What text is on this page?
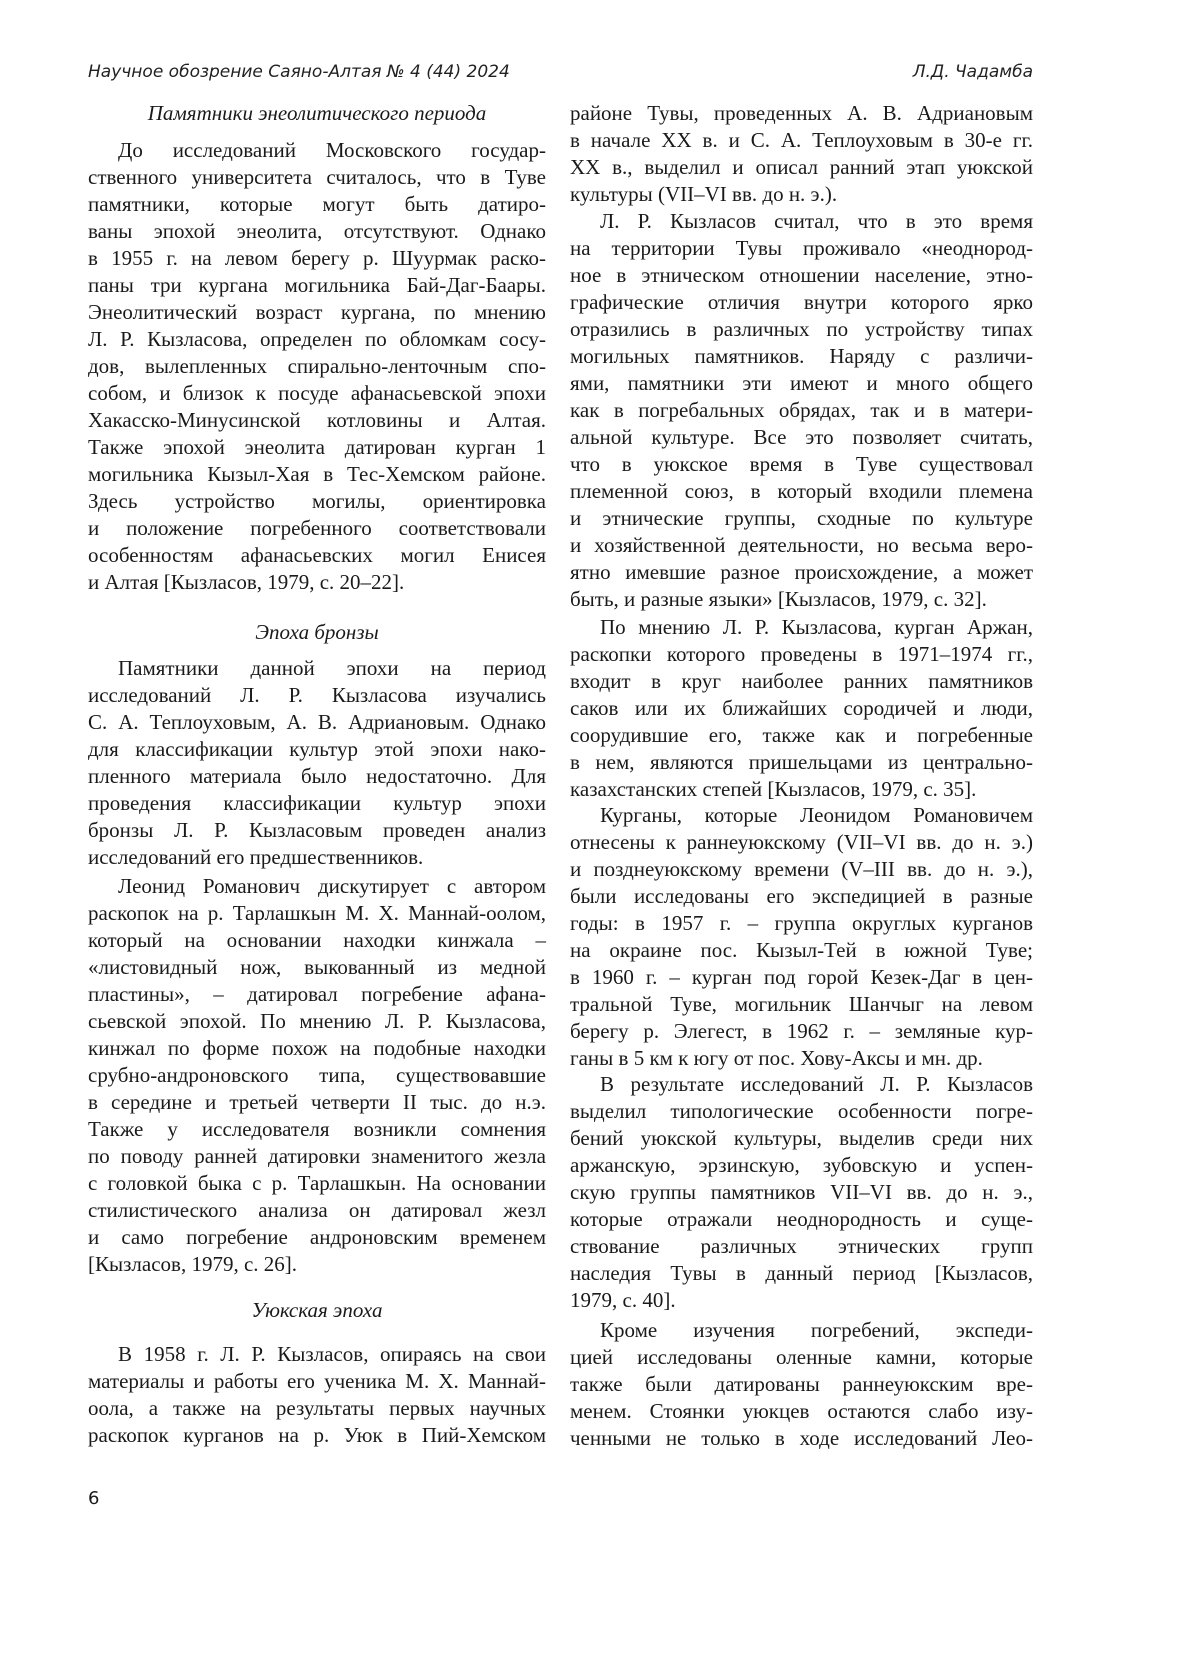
Научное обозрение Саяно-Алтая № 4 (44) 2024	Л.Д. Чадамба
Памятники энеолитического периода
До исследований Московского государ-
ственного университета считалось, что в Туве
памятники, которые могут быть датиро-
ваны эпохой энеолита, отсутствуют. Однако
в 1955 г. на левом берегу р. Шуурмак раско-
паны три кургана могильника Бай-Даг-Баары.
Энеолитический возраст кургана, по мнению
Л. Р. Кызласова, определен по обломкам сосу-
дов, вылепленных спирально-ленточным спо-
собом, и близок к посуде афанасьевской эпохи
Хакасско-Минусинской котловины и Алтая.
Также эпохой энеолита датирован курган 1
могильника Кызыл-Хая в Тес-Хемском районе.
Здесь устройство могилы, ориентировка
и положение погребенного соответствовали
особенностям афанасьевских могил Енисея
и Алтая [Кызласов, 1979, с. 20–22].
Эпоха бронзы
Памятники данной эпохи на период
исследований Л. Р. Кызласова изучались
С. А. Теплоуховым, А. В. Адриановым. Однако
для классификации культур этой эпохи нако-
пленного материала было недостаточно. Для
проведения классификации культур эпохи
бронзы Л. Р. Кызласовым проведен анализ
исследований его предшественников.
Леонид Романович дискутирует с автором
раскопок на р. Тарлашкын М. Х. Маннай-оолом,
который на основании находки кинжала –
«листовидный нож, выкованный из медной
пластины», – датировал погребение афана-
сьевской эпохой. По мнению Л. Р. Кызласова,
кинжал по форме похож на подобные находки
срубно-андроновского типа, существовавшие
в середине и третьей четверти II тыс. до н.э.
Также у исследователя возникли сомнения
по поводу ранней датировки знаменитого жезла
с головкой быка с р. Тарлашкын. На основании
стилистического анализа он датировал жезл
и само погребение андроновским временем
[Кызласов, 1979, с. 26].
Уюкская эпоха
В 1958 г. Л. Р. Кызласов, опираясь на свои
материалы и работы его ученика М. Х. Маннай-
оола, а также на результаты первых научных
раскопок курганов на р. Уюк в Пий-Хемском
районе Тувы, проведенных А. В. Адриановым
в начале XX в. и С. А. Теплоуховым в 30-е гг.
XX в., выделил и описал ранний этап уюкской
культуры (VII–VI вв. до н. э.).
Л. Р. Кызласов считал, что в это время
на территории Тувы проживало «неоднород-
ное в этническом отношении население, этно-
графические отличия внутри которого ярко
отразились в различных по устройству типах
могильных памятников. Наряду с различи-
ями, памятники эти имеют и много общего
как в погребальных обрядах, так и в матери-
альной культуре. Все это позволяет считать,
что в уюкское время в Туве существовал
племенной союз, в который входили племена
и этнические группы, сходные по культуре
и хозяйственной деятельности, но весьма веро-
ятно имевшие разное происхождение, а может
быть, и разные языки» [Кызласов, 1979, с. 32].
По мнению Л. Р. Кызласова, курган Аржан,
раскопки которого проведены в 1971–1974 гг.,
входит в круг наиболее ранних памятников
саков или их ближайших сородичей и люди,
соорудившие его, также как и погребенные
в нем, являются пришельцами из центрально-
казахстанских степей [Кызласов, 1979, с. 35].
Курганы, которые Леонидом Романовичем
отнесены к раннеуюкскому (VII–VI вв. до н. э.)
и позднеуюкскому времени (V–III вв. до н. э.),
были исследованы его экспедицией в разные
годы: в 1957 г. – группа округлых курганов
на окраине пос. Кызыл-Тей в южной Туве;
в 1960 г. – курган под горой Кезек-Даг в цен-
тральной Туве, могильник Шанчыг на левом
берегу р. Элегест, в 1962 г. – земляные кур-
ганы в 5 км к югу от пос. Хову-Аксы и мн. др.
В результате исследований Л. Р. Кызласов
выделил типологические особенности погре-
бений уюкской культуры, выделив среди них
аржанскую, эрзинскую, зубовскую и успен-
скую группы памятников VII–VI вв. до н. э.,
которые отражали неоднородность и суще-
ствование различных этнических групп
наследия Тувы в данный период [Кызласов,
1979, с. 40].
Кроме изучения погребений, экспеди-
цией исследованы оленные камни, которые
также были датированы раннеуюкским вре-
менем. Стоянки уюкцев остаются слабо изу-
ченными не только в ходе исследований Лео-
6
